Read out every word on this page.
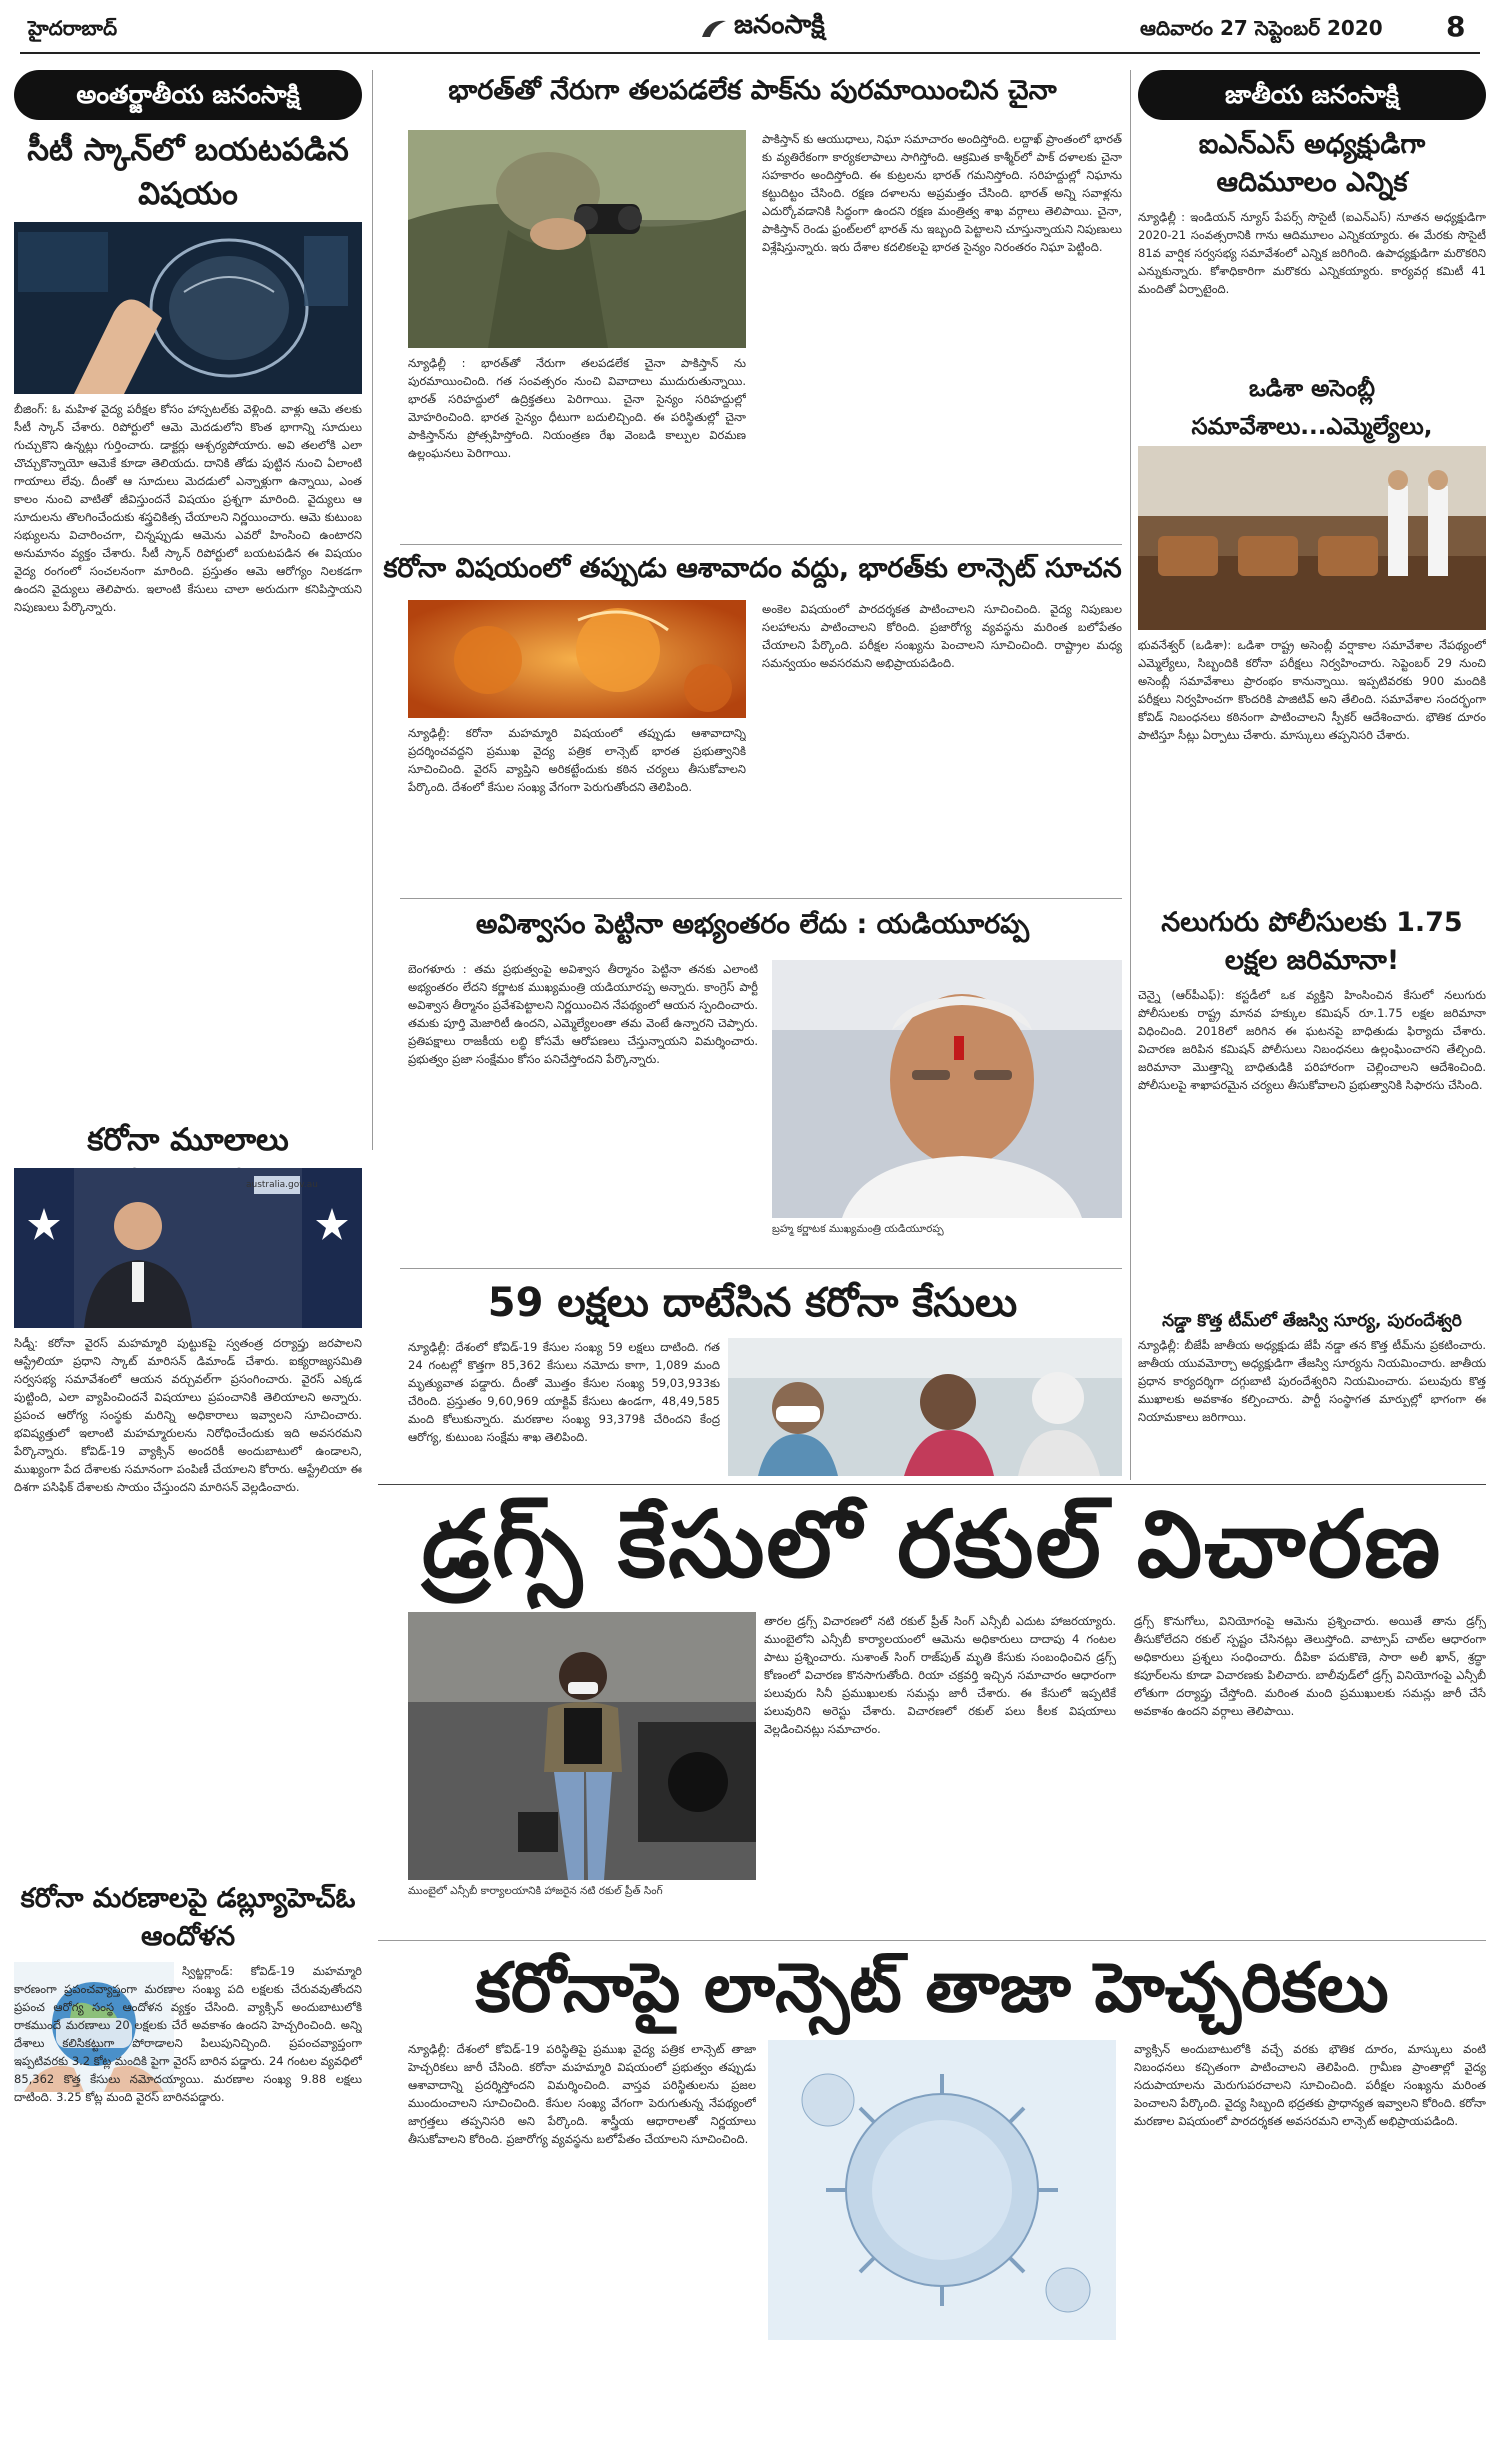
హైదరాబాద్	జనంసాక్షి	ఆదివారం 27 సెప్టెంబర్ 2020 8
అంతర్జాతీయ జనంసాక్షి
సీటీ స్కాన్‌లో బయటపడిన
విషయం
బీజింగ్: ఓ మహిళ వైద్య పరీక్షల కోసం హాస్పటల్‌కు వెళ్లింది. వాళ్లు ఆమె తలకు సీటీ స్కాన్ చేశారు. రిపోర్టులో ఆమె మెదడులోని కొంత భాగాన్ని సూదులు గుచ్చుకొని ఉన్నట్లు గుర్తించారు. డాక్టర్లు ఆశ్చర్యపోయారు. అవి తలలోకి ఎలా చొచ్చుకొన్నాయో ఆమెకే కూడా తెలియదు. దానికి తోడు పుట్టిన నుంచి ఏలాంటి గాయాలు లేవు. దీంతో ఆ సూదులు మెదడులో ఎన్నాళ్లుగా ఉన్నాయి, ఎంత కాలం నుంచి వాటితో జీవిస్తుందనే విషయం ప్రశ్నగా మారింది. వైద్యులు ఆ సూదులను తొలగించేందుకు శస్త్రచికిత్స చేయాలని నిర్ణయించారు. ఆమె కుటుంబ సభ్యులను విచారించగా, చిన్నప్పుడు ఆమెను ఎవరో హింసించి ఉంటారని అనుమానం వ్యక్తం చేశారు. సీటీ స్కాన్ రిపోర్టులో బయటపడిన ఈ విషయం వైద్య రంగంలో సంచలనంగా మారింది. ప్రస్తుతం ఆమె ఆరోగ్యం నిలకడగా ఉందని వైద్యులు తెలిపారు. ఇలాంటి కేసులు చాలా అరుదుగా కనిపిస్తాయని నిపుణులు పేర్కొన్నారు.
కరోనా మూలాలు
australia.gov.au
సిడ్నీ: కరోనా వైరస్ మహమ్మారి పుట్టుకపై స్వతంత్ర దర్యాప్తు జరపాలని ఆస్ట్రేలియా ప్రధాని స్కాట్ మారిసన్ డిమాండ్ చేశారు. ఐక్యరాజ్యసమితి సర్వసభ్య సమావేశంలో ఆయన వర్చువల్‌గా ప్రసంగించారు. వైరస్ ఎక్కడ పుట్టింది, ఎలా వ్యాపించిందనే విషయాలు ప్రపంచానికి తెలియాలని అన్నారు. ప్రపంచ ఆరోగ్య సంస్థకు మరిన్ని అధికారాలు ఇవ్వాలని సూచించారు. భవిష్యత్తులో ఇలాంటి మహమ్మారులను నిరోధించేందుకు ఇది అవసరమని పేర్కొన్నారు. కోవిడ్-19 వ్యాక్సిన్ అందరికీ అందుబాటులో ఉండాలని, ముఖ్యంగా పేద దేశాలకు సమానంగా పంపిణీ చేయాలని కోరారు. ఆస్ట్రేలియా ఈ దిశగా పసిఫిక్ దేశాలకు సాయం చేస్తుందని మారిసన్ వెల్లడించారు.
కరోనా మరణాలపై డబ్ల్యూహెచ్ఓ
ఆందోళన
స్విట్జర్లాండ్: కోవిడ్-19 మహమ్మారి కారణంగా ప్రపంచవ్యాప్తంగా మరణాల సంఖ్య పది లక్షలకు చేరువవుతోందని ప్రపంచ ఆరోగ్య సంస్థ ఆందోళన వ్యక్తం చేసింది. వ్యాక్సిన్ అందుబాటులోకి రాకముందే మరణాలు 20 లక్షలకు చేరే అవకాశం ఉందని హెచ్చరించింది. అన్ని దేశాలు కలిసికట్టుగా పోరాడాలని పిలుపునిచ్చింది. ప్రపంచవ్యాప్తంగా ఇప్పటివరకు 3.2 కోట్ల మందికి పైగా వైరస్ బారిన పడ్డారు. 24 గంటల వ్యవధిలో 85,362 కొత్త కేసులు నమోదయ్యాయి. మరణాల సంఖ్య 9.88 లక్షలు దాటింది. 3.25 కోట్ల మంది వైరస్ బారినపడ్డారు.
భారత్‌తో నేరుగా తలపడలేక పాక్‌ను పురమాయించిన చైనా
న్యూఢిల్లీ : భారత్‌తో నేరుగా తలపడలేక చైనా పాకిస్తాన్ ను పురమాయించింది. గత సంవత్సరం నుంచి వివాదాలు ముదురుతున్నాయి. భారత్ సరిహద్దులో ఉద్రిక్తతలు పెరిగాయి. చైనా సైన్యం సరిహద్దుల్లో మోహరించింది. భారత సైన్యం ధీటుగా బదులిచ్చింది. ఈ పరిస్థితుల్లో చైనా పాకిస్తాన్‌ను ప్రోత్సహిస్తోంది. నియంత్రణ రేఖ వెంబడి కాల్పుల విరమణ ఉల్లంఘనలు పెరిగాయి.
పాకిస్తాన్ కు ఆయుధాలు, నిఘా సమాచారం అందిస్తోంది. లద్దాఖ్ ప్రాంతంలో భారత్ కు వ్యతిరేకంగా కార్యకలాపాలు సాగిస్తోంది. ఆక్రమిత కాశ్మీర్‌లో పాక్ దళాలకు చైనా సహకారం అందిస్తోంది. ఈ కుట్రలను భారత్ గమనిస్తోంది. సరిహద్దుల్లో నిఘాను కట్టుదిట్టం చేసింది. రక్షణ దళాలను అప్రమత్తం చేసింది. భారత్ అన్ని సవాళ్లను ఎదుర్కోవడానికి సిద్ధంగా ఉందని రక్షణ మంత్రిత్వ శాఖ వర్గాలు తెలిపాయి. చైనా, పాకిస్తాన్ రెండు ఫ్రంట్‌లలో భారత్ ను ఇబ్బంది పెట్టాలని చూస్తున్నాయని నిపుణులు విశ్లేషిస్తున్నారు. ఇరు దేశాల కదలికలపై భారత సైన్యం నిరంతరం నిఘా పెట్టింది.
కరోనా విషయంలో తప్పుడు ఆశావాదం వద్దు, భారత్‌కు లాన్సెట్ సూచన
న్యూఢిల్లీ: కరోనా మహమ్మారి విషయంలో తప్పుడు ఆశావాదాన్ని ప్రదర్శించవద్దని ప్రముఖ వైద్య పత్రిక లాన్సెట్ భారత ప్రభుత్వానికి సూచించింది. వైరస్ వ్యాప్తిని అరికట్టేందుకు కఠిన చర్యలు తీసుకోవాలని పేర్కొంది. దేశంలో కేసుల సంఖ్య వేగంగా పెరుగుతోందని తెలిపింది.
అంకెల విషయంలో పారదర్శకత పాటించాలని సూచించింది. వైద్య నిపుణుల సలహాలను పాటించాలని కోరింది. ప్రజారోగ్య వ్యవస్థను మరింత బలోపేతం చేయాలని పేర్కొంది. పరీక్షల సంఖ్యను పెంచాలని సూచించింది. రాష్ట్రాల మధ్య సమన్వయం అవసరమని అభిప్రాయపడింది.
అవిశ్వాసం పెట్టినా అభ్యంతరం లేదు : యడియూరప్ప
బెంగళూరు : తమ ప్రభుత్వంపై అవిశ్వాస తీర్మానం పెట్టినా తనకు ఎలాంటి అభ్యంతరం లేదని కర్ణాటక ముఖ్యమంత్రి యడియూరప్ప అన్నారు. కాంగ్రెస్ పార్టీ అవిశ్వాస తీర్మానం ప్రవేశపెట్టాలని నిర్ణయించిన నేపథ్యంలో ఆయన స్పందించారు. తమకు పూర్తి మెజారిటీ ఉందని, ఎమ్మెల్యేలంతా తమ వెంటే ఉన్నారని చెప్పారు. ప్రతిపక్షాలు రాజకీయ లబ్ధి కోసమే ఆరోపణలు చేస్తున్నాయని విమర్శించారు. ప్రభుత్వం ప్రజా సంక్షేమం కోసం పనిచేస్తోందని పేర్కొన్నారు.
బ్రహ్మ కర్ణాటక ముఖ్యమంత్రి యడియూరప్ప
59 లక్షలు దాటేసిన కరోనా కేసులు
న్యూఢిల్లీ: దేశంలో కోవిడ్-19 కేసుల సంఖ్య 59 లక్షలు దాటింది. గత 24 గంటల్లో కొత్తగా 85,362 కేసులు నమోదు కాగా, 1,089 మంది మృత్యువాత పడ్డారు. దీంతో మొత్తం కేసుల సంఖ్య 59,03,933కు చేరింది. ప్రస్తుతం 9,60,969 యాక్టివ్ కేసులు ఉండగా, 48,49,585 మంది కోలుకున్నారు. మరణాల సంఖ్య 93,379కి చేరిందని కేంద్ర ఆరోగ్య, కుటుంబ సంక్షేమ శాఖ తెలిపింది.
జాతీయ జనంసాక్షి
ఐఎన్ఎస్ అధ్యక్షుడిగా
ఆదిమూలం ఎన్నిక
న్యూఢిల్లీ : ఇండియన్ న్యూస్ పేపర్స్ సొసైటీ (ఐఎన్ఎస్) నూతన అధ్యక్షుడిగా 2020-21 సంవత్సరానికి గాను ఆదిమూలం ఎన్నికయ్యారు. ఈ మేరకు సొసైటీ 81వ వార్షిక సర్వసభ్య సమావేశంలో ఎన్నిక జరిగింది. ఉపాధ్యక్షుడిగా మరొకరిని ఎన్నుకున్నారు. కోశాధికారిగా మరొకరు ఎన్నికయ్యారు. కార్యవర్గ కమిటీ 41 మందితో ఏర్పాటైంది.
ఒడిశా అసెంబ్లీ సమావేశాలు...ఎమ్మెల్యేలు,
భువనేశ్వర్ (ఒడిశా): ఒడిశా రాష్ట్ర అసెంబ్లీ వర్షాకాల సమావేశాల నేపథ్యంలో ఎమ్మెల్యేలు, సిబ్బందికి కరోనా పరీక్షలు నిర్వహించారు. సెప్టెంబర్ 29 నుంచి అసెంబ్లీ సమావేశాలు ప్రారంభం కానున్నాయి. ఇప్పటివరకు 900 మందికి పరీక్షలు నిర్వహించగా కొందరికి పాజిటివ్ అని తేలింది. సమావేశాల సందర్భంగా కోవిడ్ నిబంధనలు కఠినంగా పాటించాలని స్పీకర్ ఆదేశించారు. భౌతిక దూరం పాటిస్తూ సీట్లు ఏర్పాటు చేశారు. మాస్కులు తప్పనిసరి చేశారు.
నలుగురు పోలీసులకు 1.75
లక్షల జరిమానా!
చెన్నై (ఆర్‌పీఎఫ్): కస్టడీలో ఒక వ్యక్తిని హింసించిన కేసులో నలుగురు పోలీసులకు రాష్ట్ర మానవ హక్కుల కమిషన్ రూ.1.75 లక్షల జరిమానా విధించింది. 2018లో జరిగిన ఈ ఘటనపై బాధితుడు ఫిర్యాదు చేశారు. విచారణ జరిపిన కమిషన్ పోలీసులు నిబంధనలు ఉల్లంఘించారని తేల్చింది. జరిమానా మొత్తాన్ని బాధితుడికి పరిహారంగా చెల్లించాలని ఆదేశించింది. పోలీసులపై శాఖాపరమైన చర్యలు తీసుకోవాలని ప్రభుత్వానికి సిఫారసు చేసింది.
నడ్డా కొత్త టీమ్‌లో తేజస్వి సూర్య, పురందేశ్వరి
న్యూఢిల్లీ: బీజేపీ జాతీయ అధ్యక్షుడు జేపీ నడ్డా తన కొత్త టీమ్‌ను ప్రకటించారు. జాతీయ యువమోర్చా అధ్యక్షుడిగా తేజస్వి సూర్యను నియమించారు. జాతీయ ప్రధాన కార్యదర్శిగా దగ్గుబాటి పురందేశ్వరిని నియమించారు. పలువురు కొత్త ముఖాలకు అవకాశం కల్పించారు. పార్టీ సంస్థాగత మార్పుల్లో భాగంగా ఈ నియామకాలు జరిగాయి.
డ్రగ్స్ కేసులో రకుల్ విచారణ
ముంబైలో ఎన్సీబీ కార్యాలయానికి హాజరైన నటి రకుల్ ప్రీత్ సింగ్
తారల డ్రగ్స్ విచారణలో నటి రకుల్ ప్రీత్ సింగ్ ఎన్సీబీ ఎదుట హాజరయ్యారు. ముంబైలోని ఎన్సీబీ కార్యాలయంలో ఆమెను అధికారులు దాదాపు 4 గంటల పాటు ప్రశ్నించారు. సుశాంత్ సింగ్ రాజ్‌పుత్ మృతి కేసుకు సంబంధించిన డ్రగ్స్ కోణంలో విచారణ కొనసాగుతోంది. రియా చక్రవర్తి ఇచ్చిన సమాచారం ఆధారంగా పలువురు సినీ ప్రముఖులకు సమన్లు జారీ చేశారు. ఈ కేసులో ఇప్పటికే పలువురిని అరెస్టు చేశారు. విచారణలో రకుల్ పలు కీలక విషయాలు వెల్లడించినట్లు సమాచారం.
డ్రగ్స్ కొనుగోలు, వినియోగంపై ఆమెను ప్రశ్నించారు. అయితే తాను డ్రగ్స్ తీసుకోలేదని రకుల్ స్పష్టం చేసినట్లు తెలుస్తోంది. వాట్సాప్ చాట్‌ల ఆధారంగా అధికారులు ప్రశ్నలు సంధించారు. దీపికా పదుకొణె, సారా అలీ ఖాన్, శ్రద్ధా కపూర్‌లను కూడా విచారణకు పిలిచారు. బాలీవుడ్‌లో డ్రగ్స్ వినియోగంపై ఎన్సీబీ లోతుగా దర్యాప్తు చేస్తోంది. మరింత మంది ప్రముఖులకు సమన్లు జారీ చేసే అవకాశం ఉందని వర్గాలు తెలిపాయి.
కరోనాపై లాన్సెట్ తాజా హెచ్చరికలు
న్యూఢిల్లీ: దేశంలో కోవిడ్-19 పరిస్థితిపై ప్రముఖ వైద్య పత్రిక లాన్సెట్ తాజా హెచ్చరికలు జారీ చేసింది. కరోనా మహమ్మారి విషయంలో ప్రభుత్వం తప్పుడు ఆశావాదాన్ని ప్రదర్శిస్తోందని విమర్శించింది. వాస్తవ పరిస్థితులను ప్రజల ముందుంచాలని సూచించింది. కేసుల సంఖ్య వేగంగా పెరుగుతున్న నేపథ్యంలో జాగ్రత్తలు తప్పనిసరి అని పేర్కొంది. శాస్త్రీయ ఆధారాలతో నిర్ణయాలు తీసుకోవాలని కోరింది. ప్రజారోగ్య వ్యవస్థను బలోపేతం చేయాలని సూచించింది.
వ్యాక్సిన్ అందుబాటులోకి వచ్చే వరకు భౌతిక దూరం, మాస్కులు వంటి నిబంధనలు కచ్చితంగా పాటించాలని తెలిపింది. గ్రామీణ ప్రాంతాల్లో వైద్య సదుపాయాలను మెరుగుపరచాలని సూచించింది. పరీక్షల సంఖ్యను మరింత పెంచాలని పేర్కొంది. వైద్య సిబ్బంది భద్రతకు ప్రాధాన్యత ఇవ్వాలని కోరింది. కరోనా మరణాల విషయంలో పారదర్శకత అవసరమని లాన్సెట్ అభిప్రాయపడింది.
